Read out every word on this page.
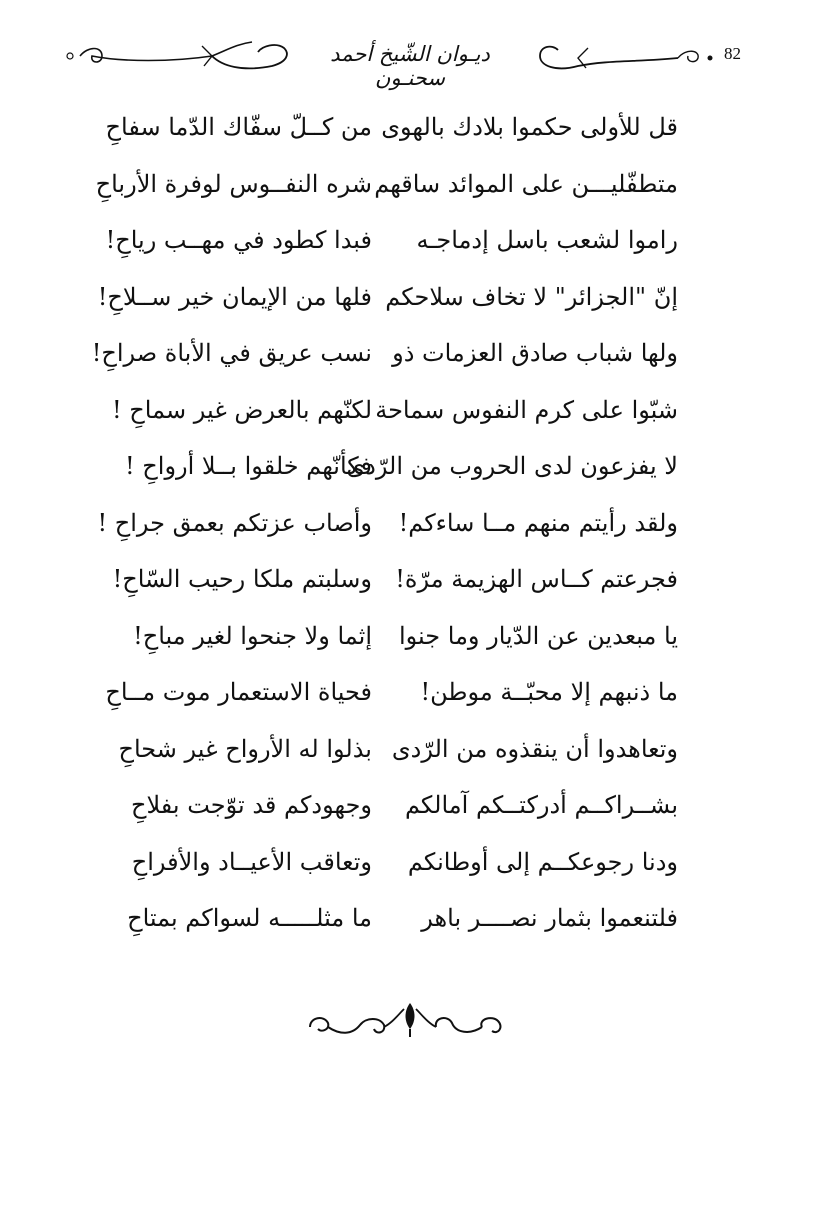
ديـوان الشّيخ أحمد سحنـون
82
قل للأولى حكموا بلادك بالهوى
من كــلّ سفّاك الدّما سفاحِ
متطفّليـــن على الموائد ساقهم
شره النفــوس لوفرة الأرباحِ
راموا لشعب باسل إدماجـه
فبدا كطود في مهــب رياحِ!
إنّ "الجزائر" لا تخاف سلاحكم
فلها من الإيمان خير ســلاحِ!
ولها شباب صادق العزمات ذو
نسب عريق في الأباة صراحِ!
شبّوا على كرم النفوس سماحة
لكنّهم بالعرض غير سماحِ !
لا يفزعون لدى الحروب من الرّدى
فكأنّهم خلقوا بــلا أرواحِ !
ولقد رأيتم منهم مــا ساءكم!
وأصاب عزتكم بعمق جراحِ !
فجرعتم كــاس الهزيمة مرّة!
وسلبتم ملكا رحيب السّاحِ!
يا مبعدين عن الدّيار وما جنوا
إثما ولا جنحوا لغير مباحِ!
ما ذنبهم إلا محبّــة موطن!
فحياة الاستعمار موت مــاحِ
وتعاهدوا أن ينقذوه من الرّدى
بذلوا له الأرواح غير شحاحِ
بشــراكــم أدركتــكم آمالكم
وجهودكم قد توّجت بفلاحِ
ودنا رجوعكــم إلى أوطانكم
وتعاقب الأعيــاد والأفراحِ
فلتنعموا بثمار نصــــر باهر
ما مثلـــــه لسواكم بمتاحِ
